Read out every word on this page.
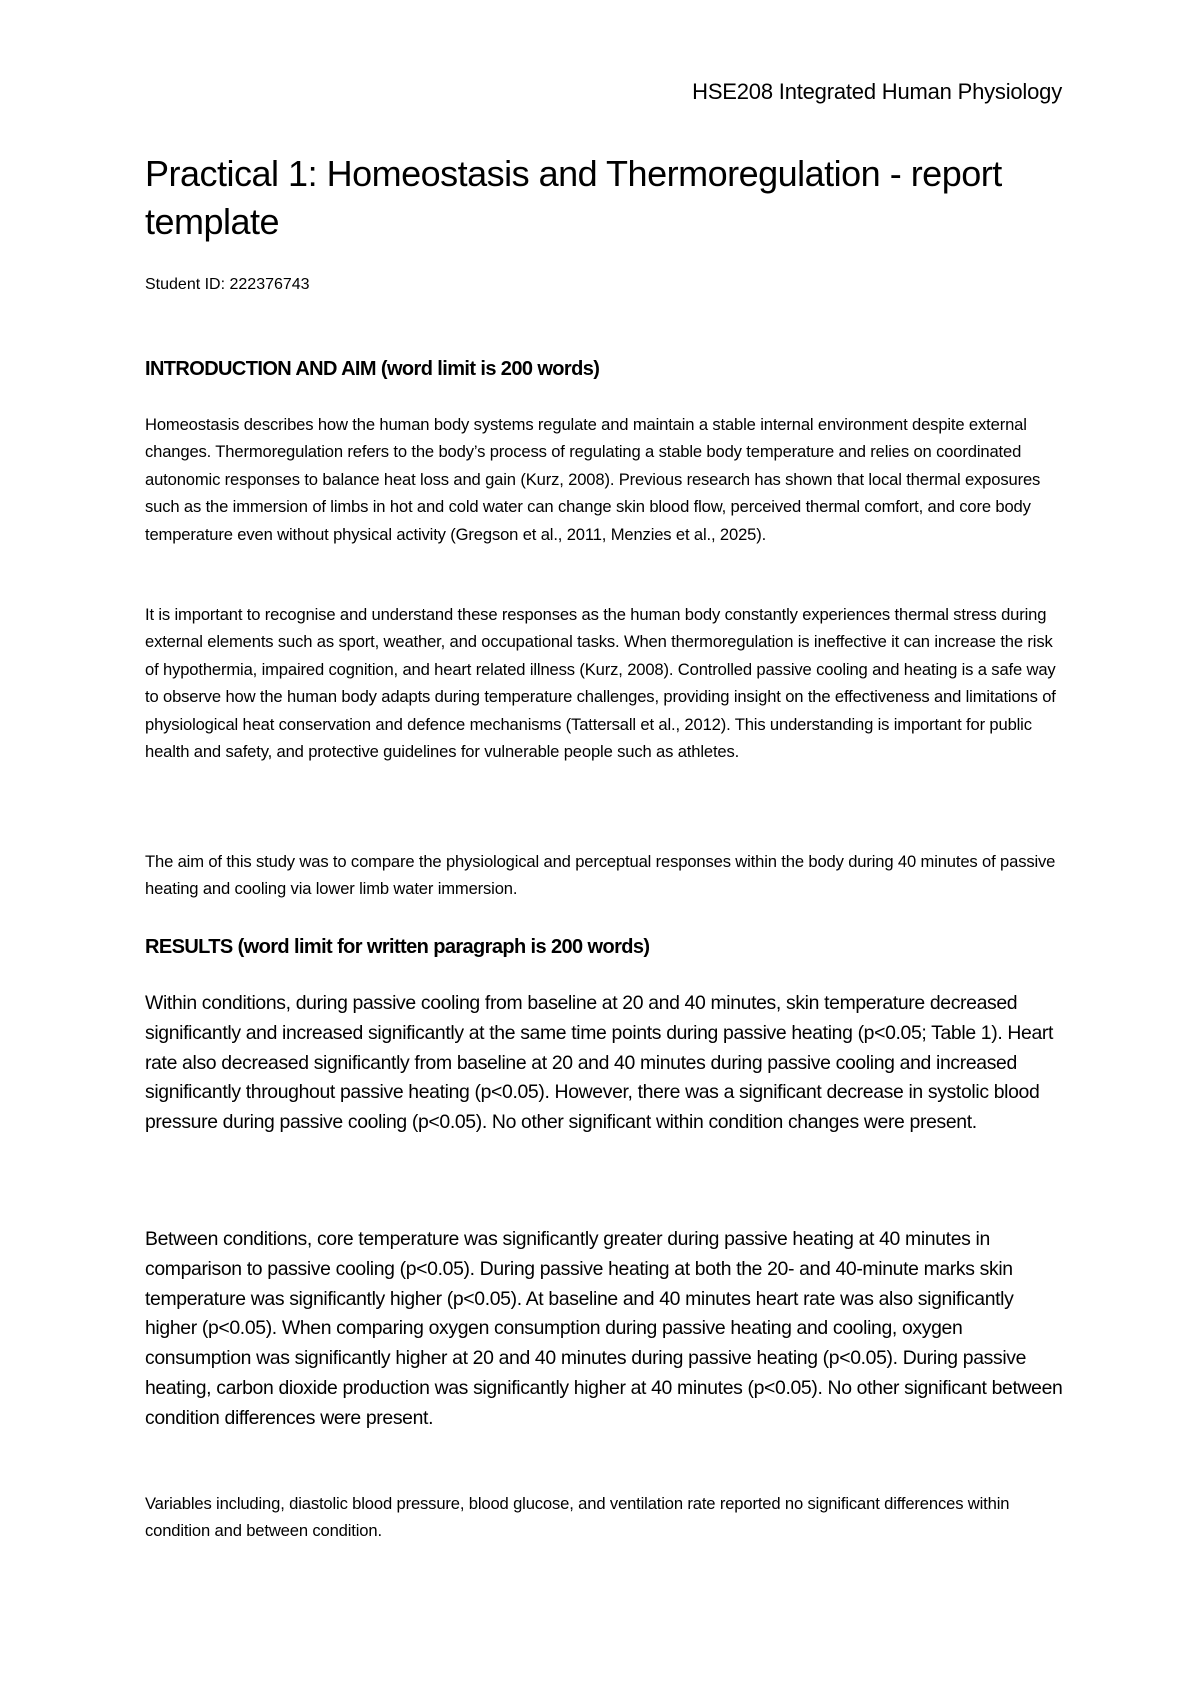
HSE208 Integrated Human Physiology
Practical 1: Homeostasis and Thermoregulation - report template
Student ID: 222376743
INTRODUCTION AND AIM (word limit is 200 words)

Homeostasis describes how the human body systems regulate and maintain a stable internal environment despite external changes. Thermoregulation refers to the body’s process of regulating a stable body temperature and relies on coordinated autonomic responses to balance heat loss and gain (Kurz, 2008). Previous research has shown that local thermal exposures such as the immersion of limbs in hot and cold water can change skin blood flow, perceived thermal comfort, and core body temperature even without physical activity (Gregson et al., 2011, Menzies et al., 2025).

It is important to recognise and understand these responses as the human body constantly experiences thermal stress during external elements such as sport, weather, and occupational tasks. When thermoregulation is ineffective it can increase the risk of hypothermia, impaired cognition, and heart related illness (Kurz, 2008). Controlled passive cooling and heating is a safe way to observe how the human body adapts during temperature challenges, providing insight on the effectiveness and limitations of physiological heat conservation and defence mechanisms (Tattersall et al., 2012). This understanding is important for public health and safety, and protective guidelines for vulnerable people such as athletes.

The aim of this study was to compare the physiological and perceptual responses within the body during 40 minutes of passive heating and cooling via lower limb water immersion.

RESULTS (word limit for written paragraph is 200 words)

Within conditions, during passive cooling from baseline at 20 and 40 minutes, skin temperature decreased significantly and increased significantly at the same time points during passive heating (p<0.05; Table 1). Heart rate also decreased significantly from baseline at 20 and 40 minutes during passive cooling and increased significantly throughout passive heating (p<0.05). However, there was a significant decrease in systolic blood pressure during passive cooling (p<0.05). No other significant within condition changes were present.

Between conditions, core temperature was significantly greater during passive heating at 40 minutes in comparison to passive cooling (p<0.05). During passive heating at both the 20- and 40-minute marks skin temperature was significantly higher (p<0.05). At baseline and 40 minutes heart rate was also significantly higher (p<0.05). When comparing oxygen consumption during passive heating and cooling, oxygen consumption was significantly higher at 20 and 40 minutes during passive heating (p<0.05). During passive heating, carbon dioxide production was significantly higher at 40 minutes (p<0.05). No other significant between condition differences were present.

Variables including, diastolic blood pressure, blood glucose, and ventilation rate reported no significant differences within condition and between condition.
